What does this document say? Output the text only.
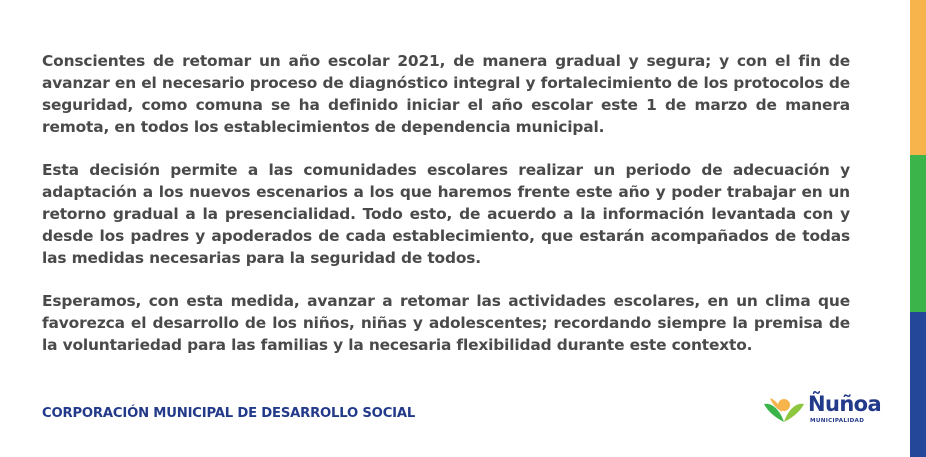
Conscientes de retomar un año escolar 2021, de manera gradual y segura; y con el fin de avanzar en el necesario proceso de diagnóstico integral y fortalecimiento de los protocolos de seguridad, como comuna se ha definido iniciar el año escolar este 1 de marzo de manera remota, en todos los establecimientos de dependencia municipal.

Esta decisión permite a las comunidades escolares realizar un periodo de adecuación y adaptación a los nuevos escenarios a los que haremos frente este año y poder trabajar en un retorno gradual a la presencialidad. Todo esto, de acuerdo a la información levantada con y desde los padres y apoderados de cada establecimiento, que estarán acompañados de todas las medidas necesarias para la seguridad de todos.

Esperamos, con esta medida, avanzar a retomar las actividades escolares, en un clima que favorezca el desarrollo de los niños, niñas y adolescentes; recordando siempre la premisa de la voluntariedad para las familias y la necesaria flexibilidad durante este contexto.

CORPORACIÓN MUNICIPAL DE DESARROLLO SOCIAL	Ñuñoa
MUNICIPALIDAD
